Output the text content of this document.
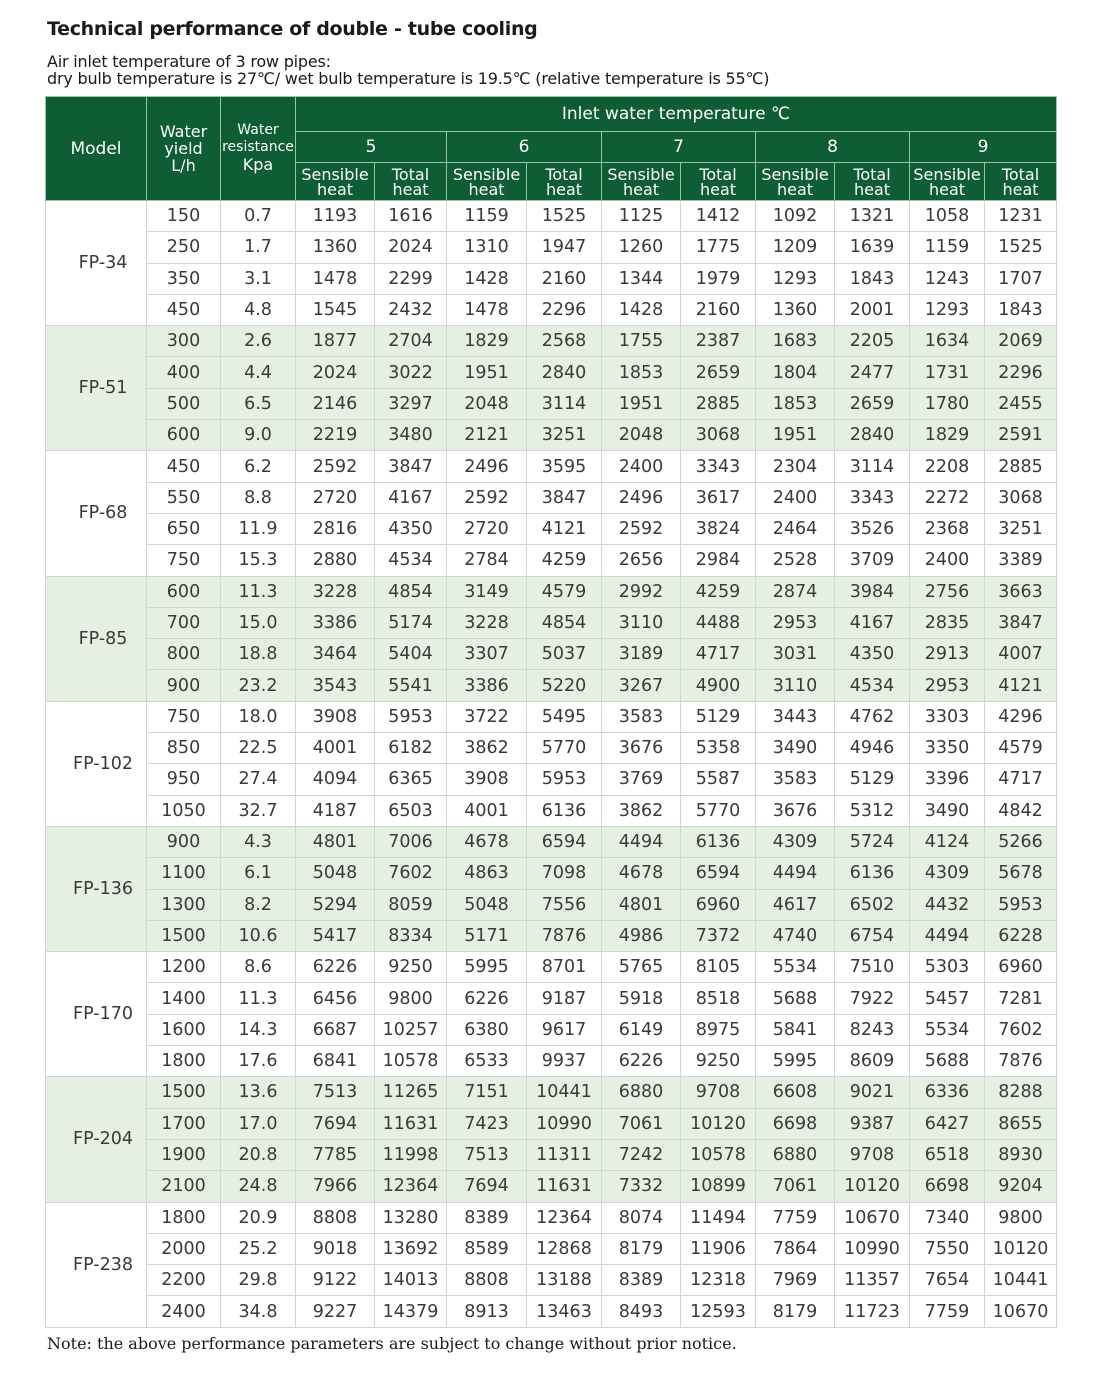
Technical performance of double - tube cooling
Air inlet temperature of 3 row pipes:
dry bulb temperature is 27℃/ wet bulb temperature is 19.5℃ (relative temperature is 55℃)
Model	Water
yield
L/h	Water resistance Kpa	Inlet water temperature ℃									
			5		6		7		8		9	

			Sensible
heat	Total
heat	Sensible
heat	Total
heat	Sensible
heat	Total
heat	Sensible
heat	Total
heat	Sensible
heat	Total
heat

FP-34	150	0.7	1193	1616	1159	1525	1125	1412	1092	1321	1058	1231
	250	1.7	1360	2024	1310	1947	1260	1775	1209	1639	1159	1525
	350	3.1	1478	2299	1428	2160	1344	1979	1293	1843	1243	1707
	450	4.8	1545	2432	1478	2296	1428	2160	1360	2001	1293	1843
FP-51	300	2.6	1877	2704	1829	2568	1755	2387	1683	2205	1634	2069
	400	4.4	2024	3022	1951	2840	1853	2659	1804	2477	1731	2296
	500	6.5	2146	3297	2048	3114	1951	2885	1853	2659	1780	2455
	600	9.0	2219	3480	2121	3251	2048	3068	1951	2840	1829	2591
FP-68	450	6.2	2592	3847	2496	3595	2400	3343	2304	3114	2208	2885
	550	8.8	2720	4167	2592	3847	2496	3617	2400	3343	2272	3068
	650	11.9	2816	4350	2720	4121	2592	3824	2464	3526	2368	3251
	750	15.3	2880	4534	2784	4259	2656	2984	2528	3709	2400	3389
FP-85	600	11.3	3228	4854	3149	4579	2992	4259	2874	3984	2756	3663
	700	15.0	3386	5174	3228	4854	3110	4488	2953	4167	2835	3847
	800	18.8	3464	5404	3307	5037	3189	4717	3031	4350	2913	4007
	900	23.2	3543	5541	3386	5220	3267	4900	3110	4534	2953	4121
FP-102	750	18.0	3908	5953	3722	5495	3583	5129	3443	4762	3303	4296
	850	22.5	4001	6182	3862	5770	3676	5358	3490	4946	3350	4579
	950	27.4	4094	6365	3908	5953	3769	5587	3583	5129	3396	4717
	1050	32.7	4187	6503	4001	6136	3862	5770	3676	5312	3490	4842
FP-136	900	4.3	4801	7006	4678	6594	4494	6136	4309	5724	4124	5266
	1100	6.1	5048	7602	4863	7098	4678	6594	4494	6136	4309	5678
	1300	8.2	5294	8059	5048	7556	4801	6960	4617	6502	4432	5953
	1500	10.6	5417	8334	5171	7876	4986	7372	4740	6754	4494	6228
FP-170	1200	8.6	6226	9250	5995	8701	5765	8105	5534	7510	5303	6960
	1400	11.3	6456	9800	6226	9187	5918	8518	5688	7922	5457	7281
	1600	14.3	6687	10257	6380	9617	6149	8975	5841	8243	5534	7602
	1800	17.6	6841	10578	6533	9937	6226	9250	5995	8609	5688	7876
FP-204	1500	13.6	7513	11265	7151	10441	6880	9708	6608	9021	6336	8288
	1700	17.0	7694	11631	7423	10990	7061	10120	6698	9387	6427	8655
	1900	20.8	7785	11998	7513	11311	7242	10578	6880	9708	6518	8930
	2100	24.8	7966	12364	7694	11631	7332	10899	7061	10120	6698	9204
FP-238	1800	20.9	8808	13280	8389	12364	8074	11494	7759	10670	7340	9800
	2000	25.2	9018	13692	8589	12868	8179	11906	7864	10990	7550	10120
	2200	29.8	9122	14013	8808	13188	8389	12318	7969	11357	7654	10441
	2400	34.8	9227	14379	8913	13463	8493	12593	8179	11723	7759	10670
Note: the above performance parameters are subject to change without prior notice.
